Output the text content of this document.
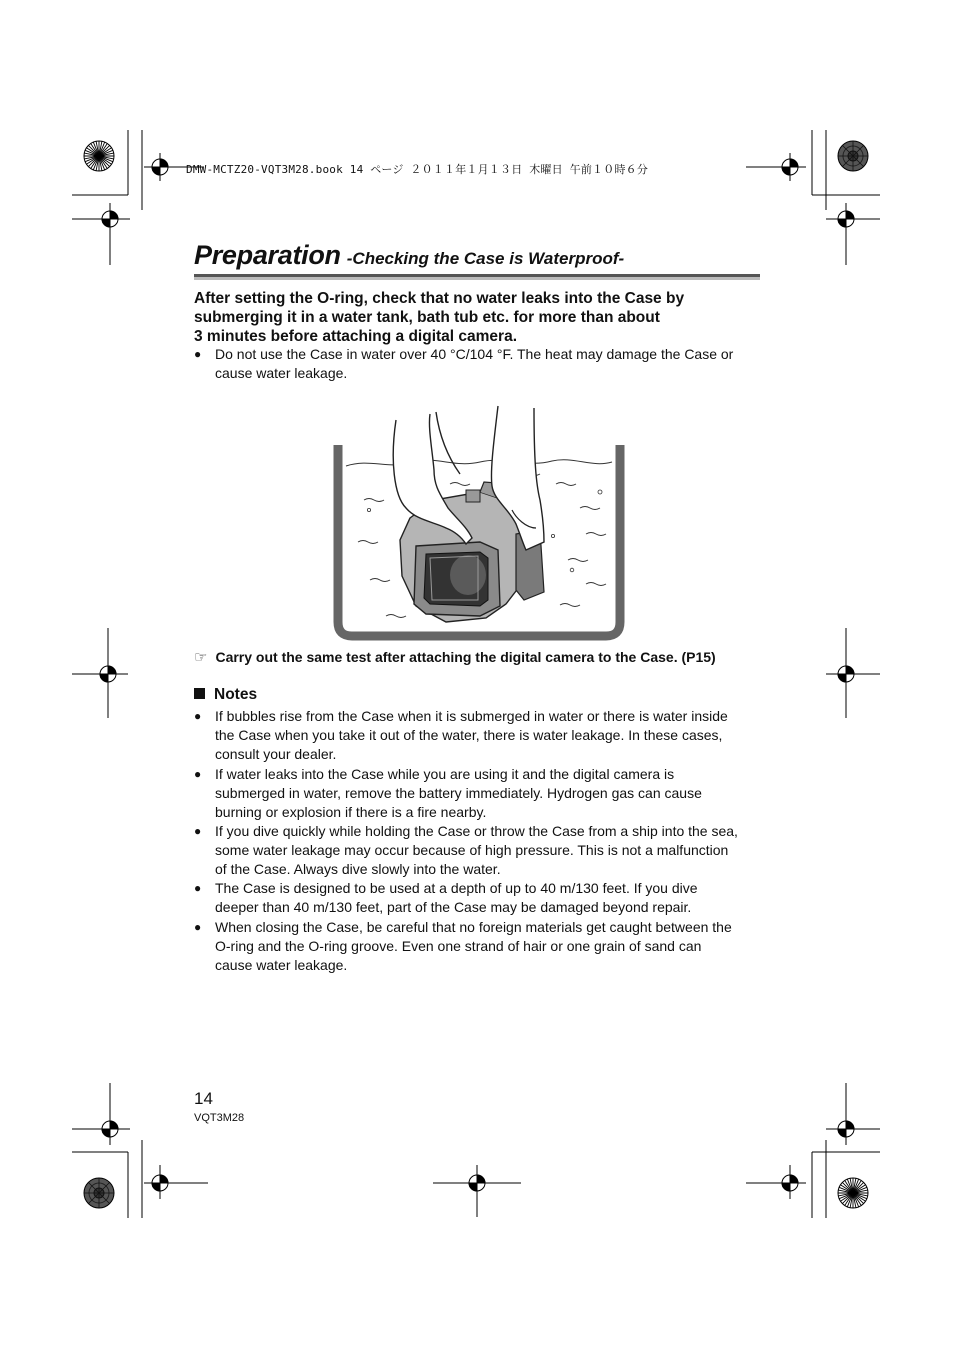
DMW-MCTZ20-VQT3M28.book 14 ページ ２０１１年１月１３日 木曜日 午前１０時６分
Preparation -Checking the Case is Waterproof-
After setting the O-ring, check that no water leaks into the Case by
submerging it in a water tank, bath tub etc. for more than about
3 minutes before attaching a digital camera.
● Do not use the Case in water over 40 °C/104 °F. The heat may damage the Case or
cause water leakage.
☞ Carry out the same test after attaching the digital camera to the Case. (P15)
Notes
● If bubbles rise from the Case when it is submerged in water or there is water inside
the Case when you take it out of the water, there is water leakage. In these cases,
consult your dealer.
● If water leaks into the Case while you are using it and the digital camera is
submerged in water, remove the battery immediately. Hydrogen gas can cause
burning or explosion if there is a fire nearby.
● If you dive quickly while holding the Case or throw the Case from a ship into the sea,
some water leakage may occur because of high pressure. This is not a malfunction
of the Case. Always dive slowly into the water.
● The Case is designed to be used at a depth of up to 40 m/130 feet. If you dive
deeper than 40 m/130 feet, part of the Case may be damaged beyond repair.
● When closing the Case, be careful that no foreign materials get caught between the
O-ring and the O-ring groove. Even one strand of hair or one grain of sand can
cause water leakage.
14
VQT3M28
